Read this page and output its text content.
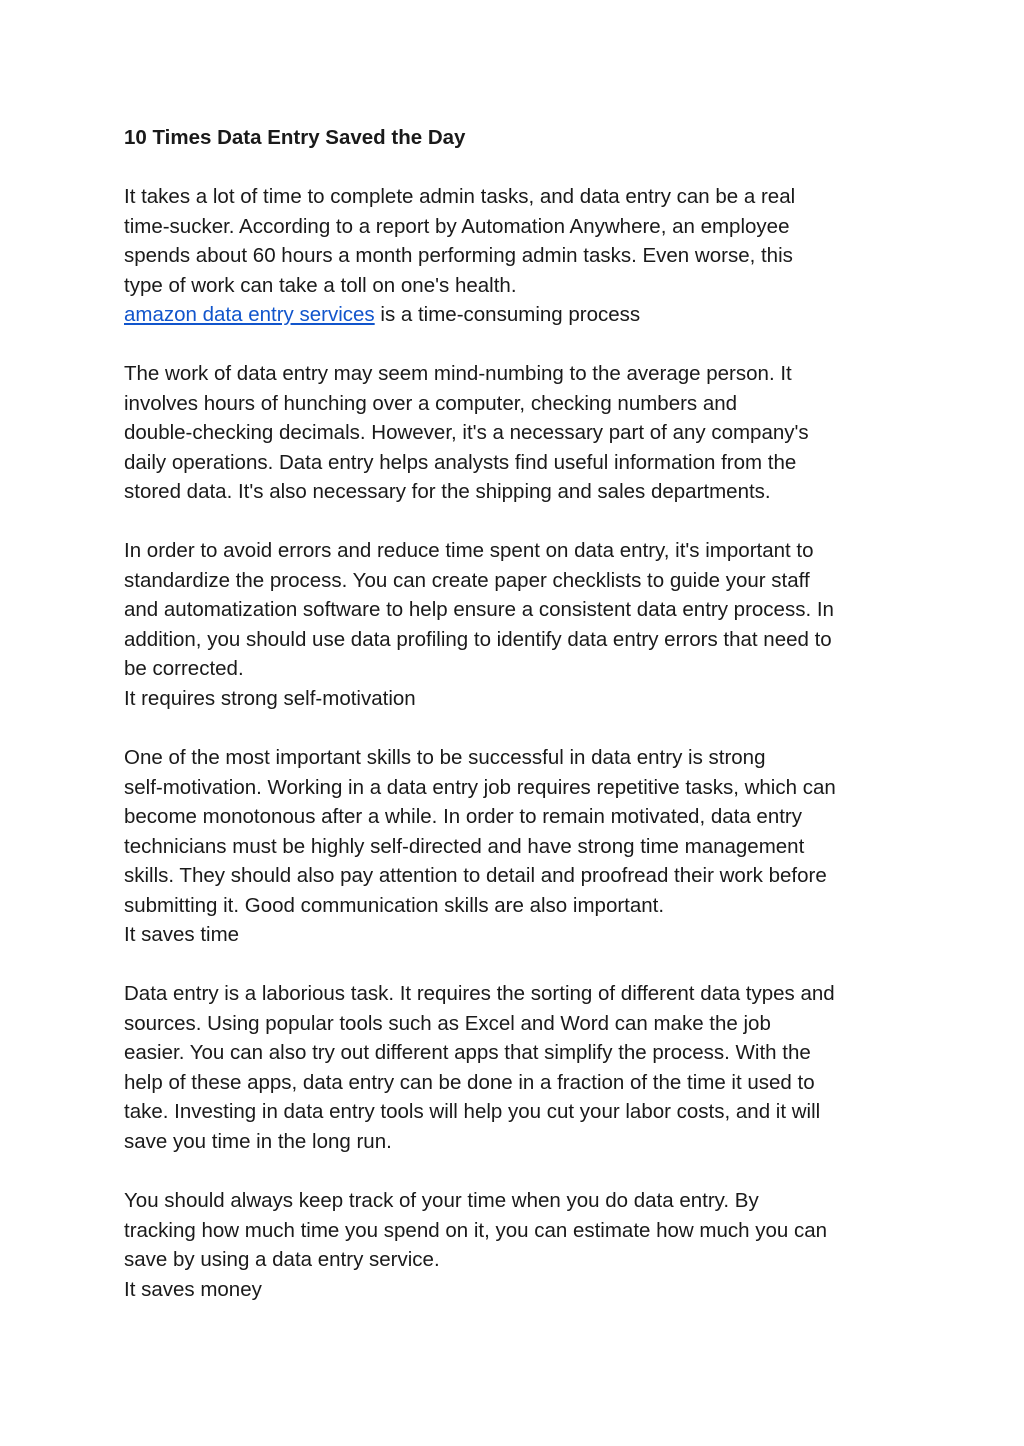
10 Times Data Entry Saved the Day
It takes a lot of time to complete admin tasks, and data entry can be a real
time-sucker. According to a report by Automation Anywhere, an employee
spends about 60 hours a month performing admin tasks. Even worse, this
type of work can take a toll on one's health.
amazon data entry services is a time-consuming process
The work of data entry may seem mind-numbing to the average person. It
involves hours of hunching over a computer, checking numbers and
double-checking decimals. However, it's a necessary part of any company's
daily operations. Data entry helps analysts find useful information from the
stored data. It's also necessary for the shipping and sales departments.
In order to avoid errors and reduce time spent on data entry, it's important to
standardize the process. You can create paper checklists to guide your staff
and automatization software to help ensure a consistent data entry process. In
addition, you should use data profiling to identify data entry errors that need to
be corrected.
It requires strong self-motivation
One of the most important skills to be successful in data entry is strong
self-motivation. Working in a data entry job requires repetitive tasks, which can
become monotonous after a while. In order to remain motivated, data entry
technicians must be highly self-directed and have strong time management
skills. They should also pay attention to detail and proofread their work before
submitting it. Good communication skills are also important.
It saves time
Data entry is a laborious task. It requires the sorting of different data types and
sources. Using popular tools such as Excel and Word can make the job
easier. You can also try out different apps that simplify the process. With the
help of these apps, data entry can be done in a fraction of the time it used to
take. Investing in data entry tools will help you cut your labor costs, and it will
save you time in the long run.
You should always keep track of your time when you do data entry. By
tracking how much time you spend on it, you can estimate how much you can
save by using a data entry service.
It saves money
